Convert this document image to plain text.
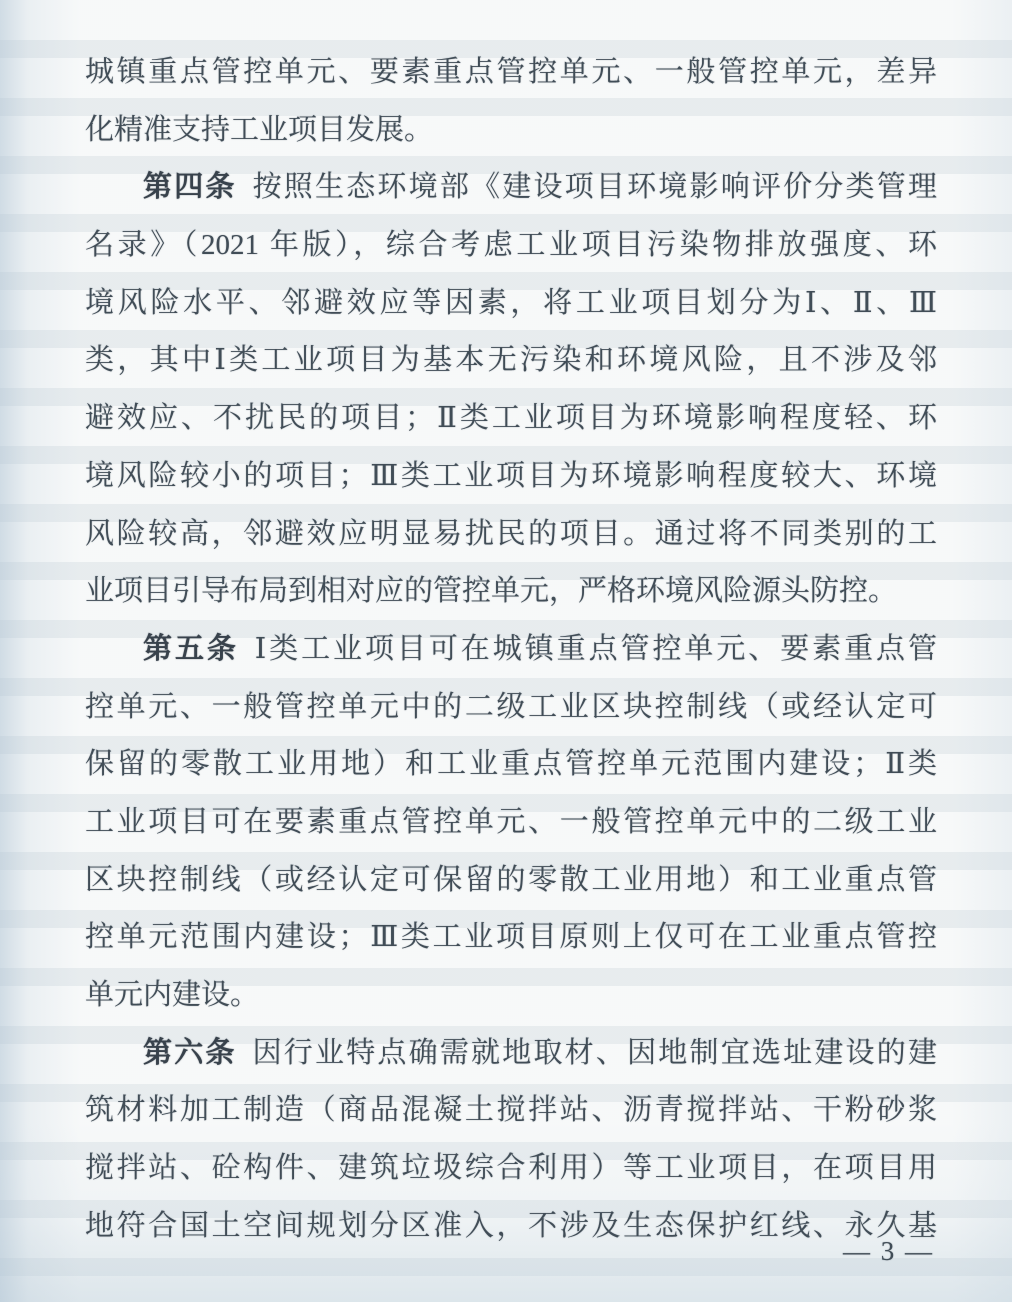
城镇重点管控单元、要素重点管控单元、一般管控单元，差异
化精准支持工业项目发展。
第四条 按照生态环境部《建设项目环境影响评价分类管理
名录》（2021 年版），综合考虑工业项目污染物排放强度、环
境风险水平、邻避效应等因素，将工业项目划分为Ⅰ、Ⅱ、Ⅲ
类，其中Ⅰ类工业项目为基本无污染和环境风险，且不涉及邻
避效应、不扰民的项目；Ⅱ类工业项目为环境影响程度轻、环
境风险较小的项目；Ⅲ类工业项目为环境影响程度较大、环境
风险较高，邻避效应明显易扰民的项目。通过将不同类别的工
业项目引导布局到相对应的管控单元，严格环境风险源头防控。
第五条 Ⅰ类工业项目可在城镇重点管控单元、要素重点管
控单元、一般管控单元中的二级工业区块控制线（或经认定可
保留的零散工业用地）和工业重点管控单元范围内建设；Ⅱ类
工业项目可在要素重点管控单元、一般管控单元中的二级工业
区块控制线（或经认定可保留的零散工业用地）和工业重点管
控单元范围内建设；Ⅲ类工业项目原则上仅可在工业重点管控
单元内建设。
第六条 因行业特点确需就地取材、因地制宜选址建设的建
筑材料加工制造（商品混凝土搅拌站、沥青搅拌站、干粉砂浆
搅拌站、砼构件、建筑垃圾综合利用）等工业项目，在项目用
地符合国土空间规划分区准入，不涉及生态保护红线、永久基
— 3 —
